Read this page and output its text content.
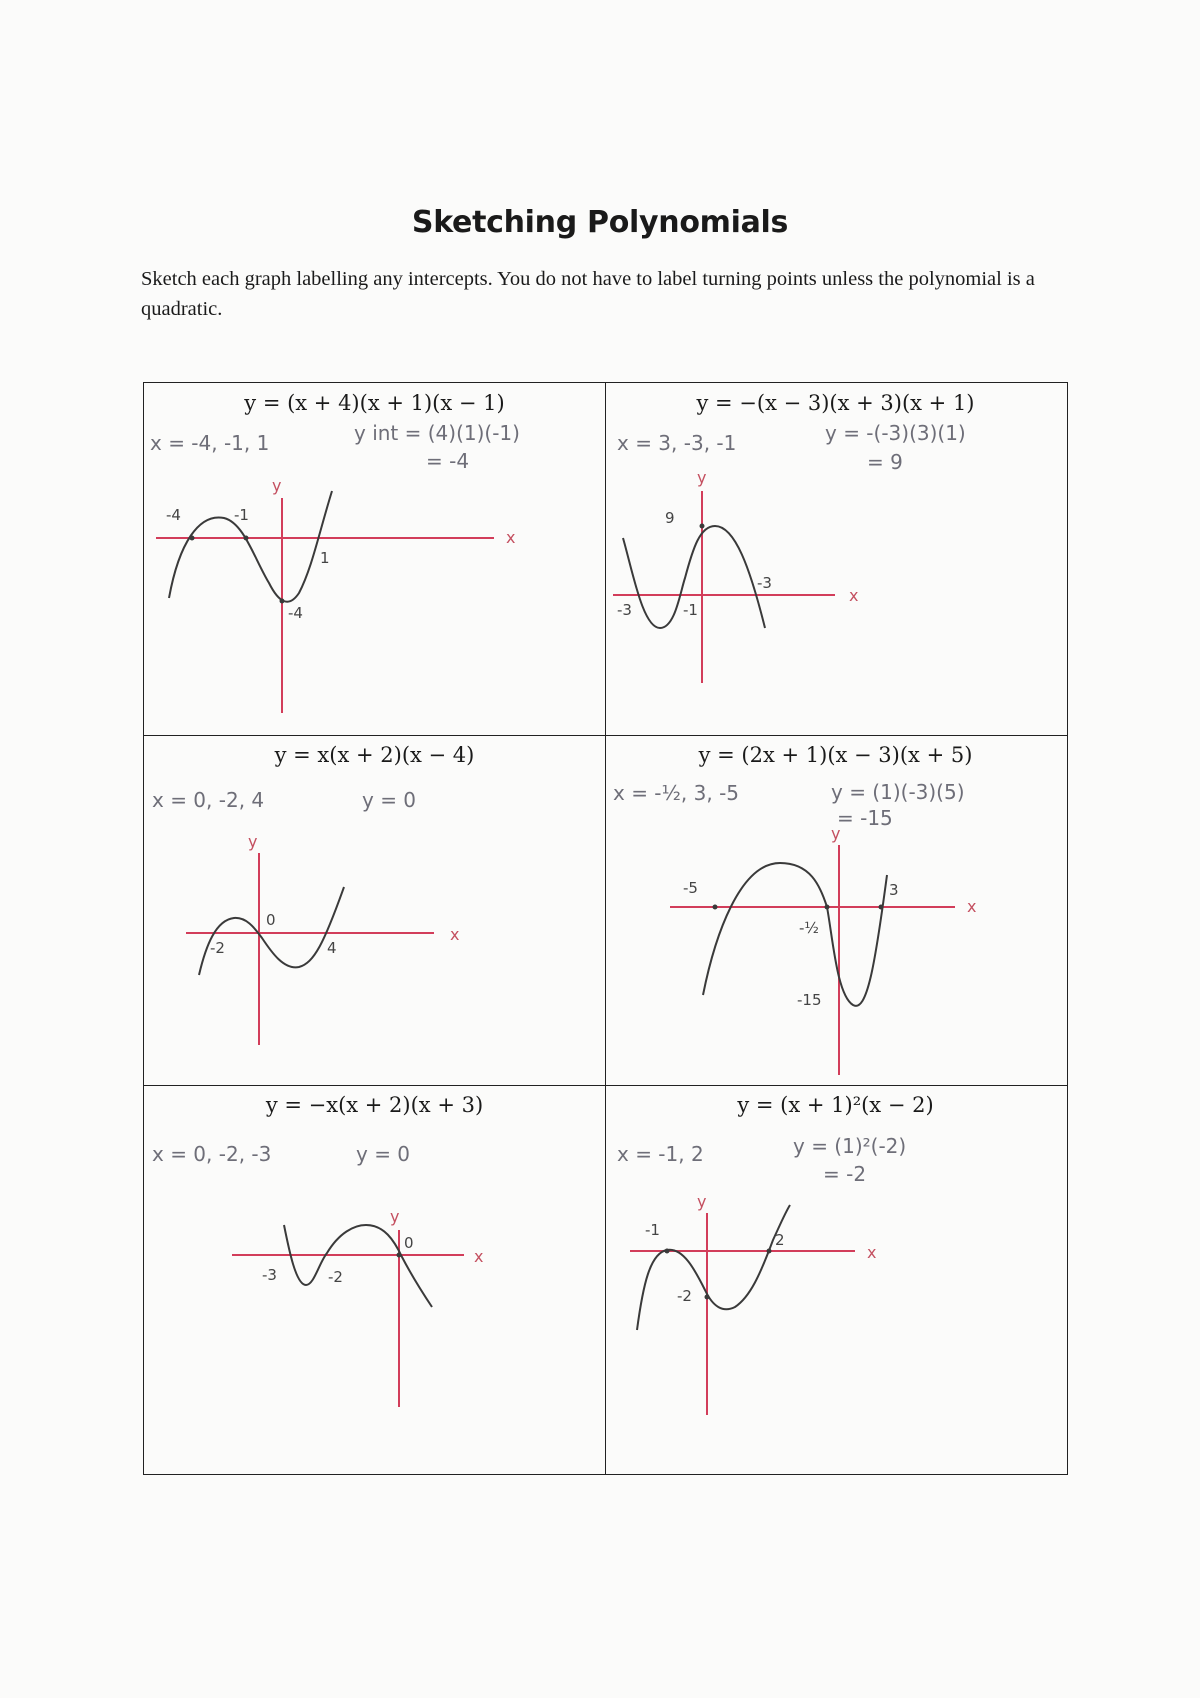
Sketching Polynomials

Sketch each graph labelling any intercepts. You do not have to label turning points unless the polynomial is a quadratic.

y = (x + 4)(x + 1)(x − 1)
x = -4, -1, 1	y int = (4)(1)(-1)
= -4
x
y
-4	-1
1
-4
y = −(x − 3)(x + 3)(x + 1)
x = 3, -3, -1	y = -(-3)(3)(1)
= 9
x
y
9
-3
-3	-1
y = x(x + 2)(x − 4)
x = 0, -2, 4	y = 0
x
y
0
-2	4
y = (2x + 1)(x − 3)(x + 5)
x = -½, 3, -5	y = (1)(-3)(5)
= -15
x
y
-5
-½
3
-15
y = −x(x + 2)(x + 3)
x = 0, -2, -3	y = 0
x
y
-3	-2
0
y = (x + 1)²(x − 2)
x = -1, 2	y = (1)²(-2)
= -2
x
y
-1
2
-2
